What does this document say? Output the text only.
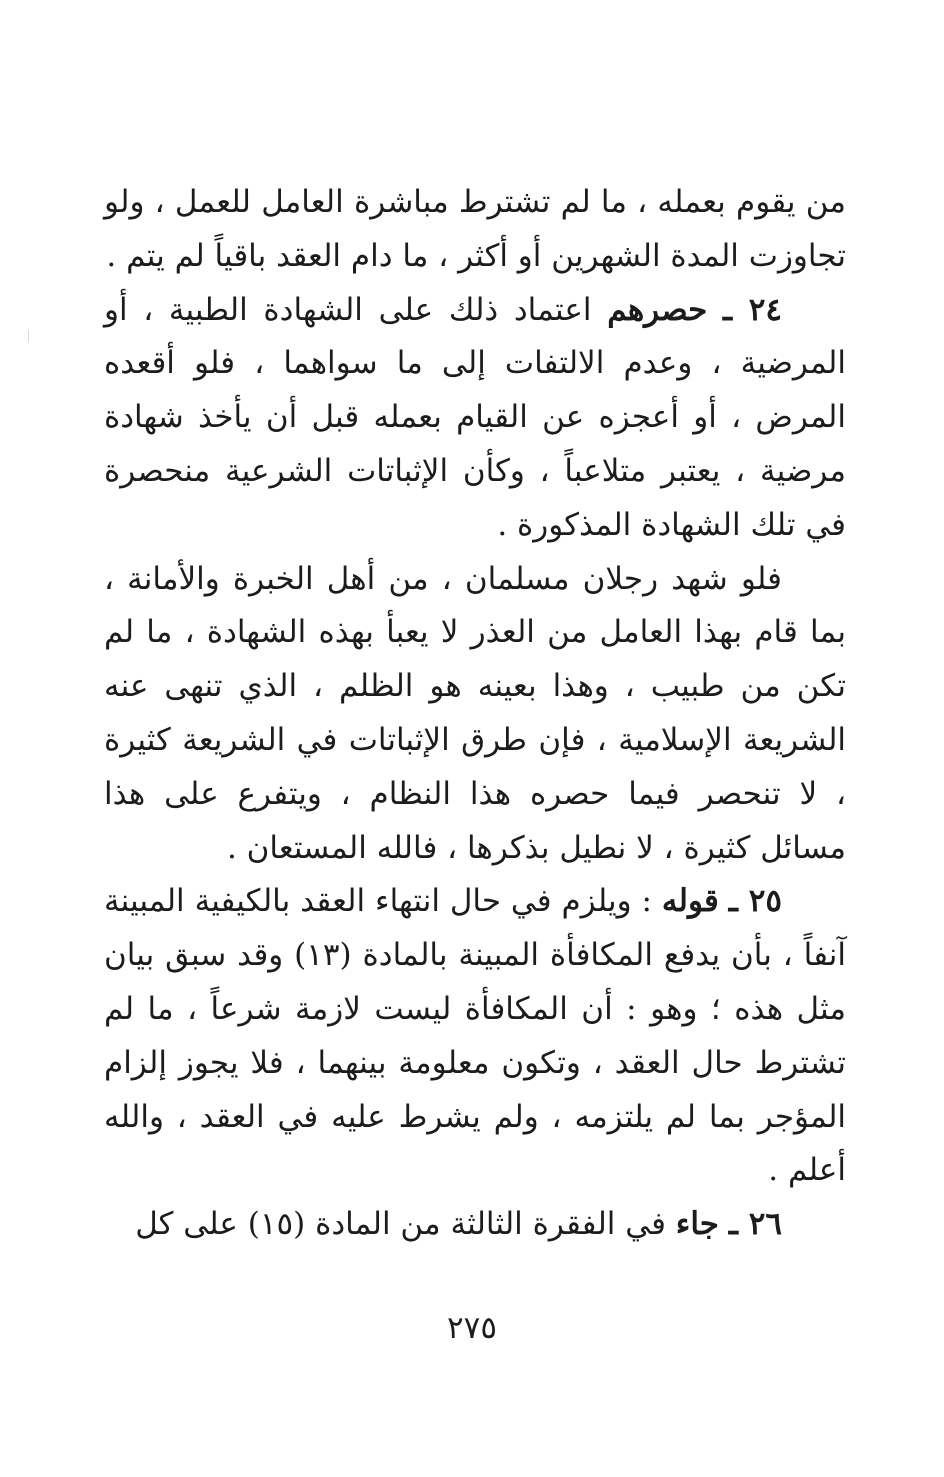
من يقوم بعمله ، ما لم تشترط مباشرة العامل للعمل ، ولو تجاوزت المدة الشهرين أو أكثر ، ما دام العقد باقياً لم يتم .

٢٤ ـ حصرهم اعتماد ذلك على الشهادة الطبية ، أو المرضية ، وعدم الالتفات إلى ما سواهما ، فلو أقعده المرض ، أو أعجزه عن القيام بعمله قبل أن يأخذ شهادة مرضية ، يعتبر متلاعباً ، وكأن الإثباتات الشرعية منحصرة في تلك الشهادة المذكورة .

فلو شهد رجلان مسلمان ، من أهل الخبرة والأمانة ، بما قام بهذا العامل من العذر لا يعبأ بهذه الشهادة ، ما لم تكن من طبيب ، وهذا بعينه هو الظلم ، الذي تنهى عنه الشريعة الإسلامية ، فإن طرق الإثباتات في الشريعة كثيرة ، لا تنحصر فيما حصره هذا النظام ، ويتفرع على هذا مسائل كثيرة ، لا نطيل بذكرها ، فالله المستعان .

٢٥ ـ قوله : ويلزم في حال انتهاء العقد بالكيفية المبينة آنفاً ، بأن يدفع المكافأة المبينة بالمادة (١٣) وقد سبق بيان مثل هذه ؛ وهو : أن المكافأة ليست لازمة شرعاً ، ما لم تشترط حال العقد ، وتكون معلومة بينهما ، فلا يجوز إلزام المؤجر بما لم يلتزمه ، ولم يشرط عليه في العقد ، والله أعلم .

٢٦ ـ جاء في الفقرة الثالثة من المادة (١٥) على كل

٢٧٥
